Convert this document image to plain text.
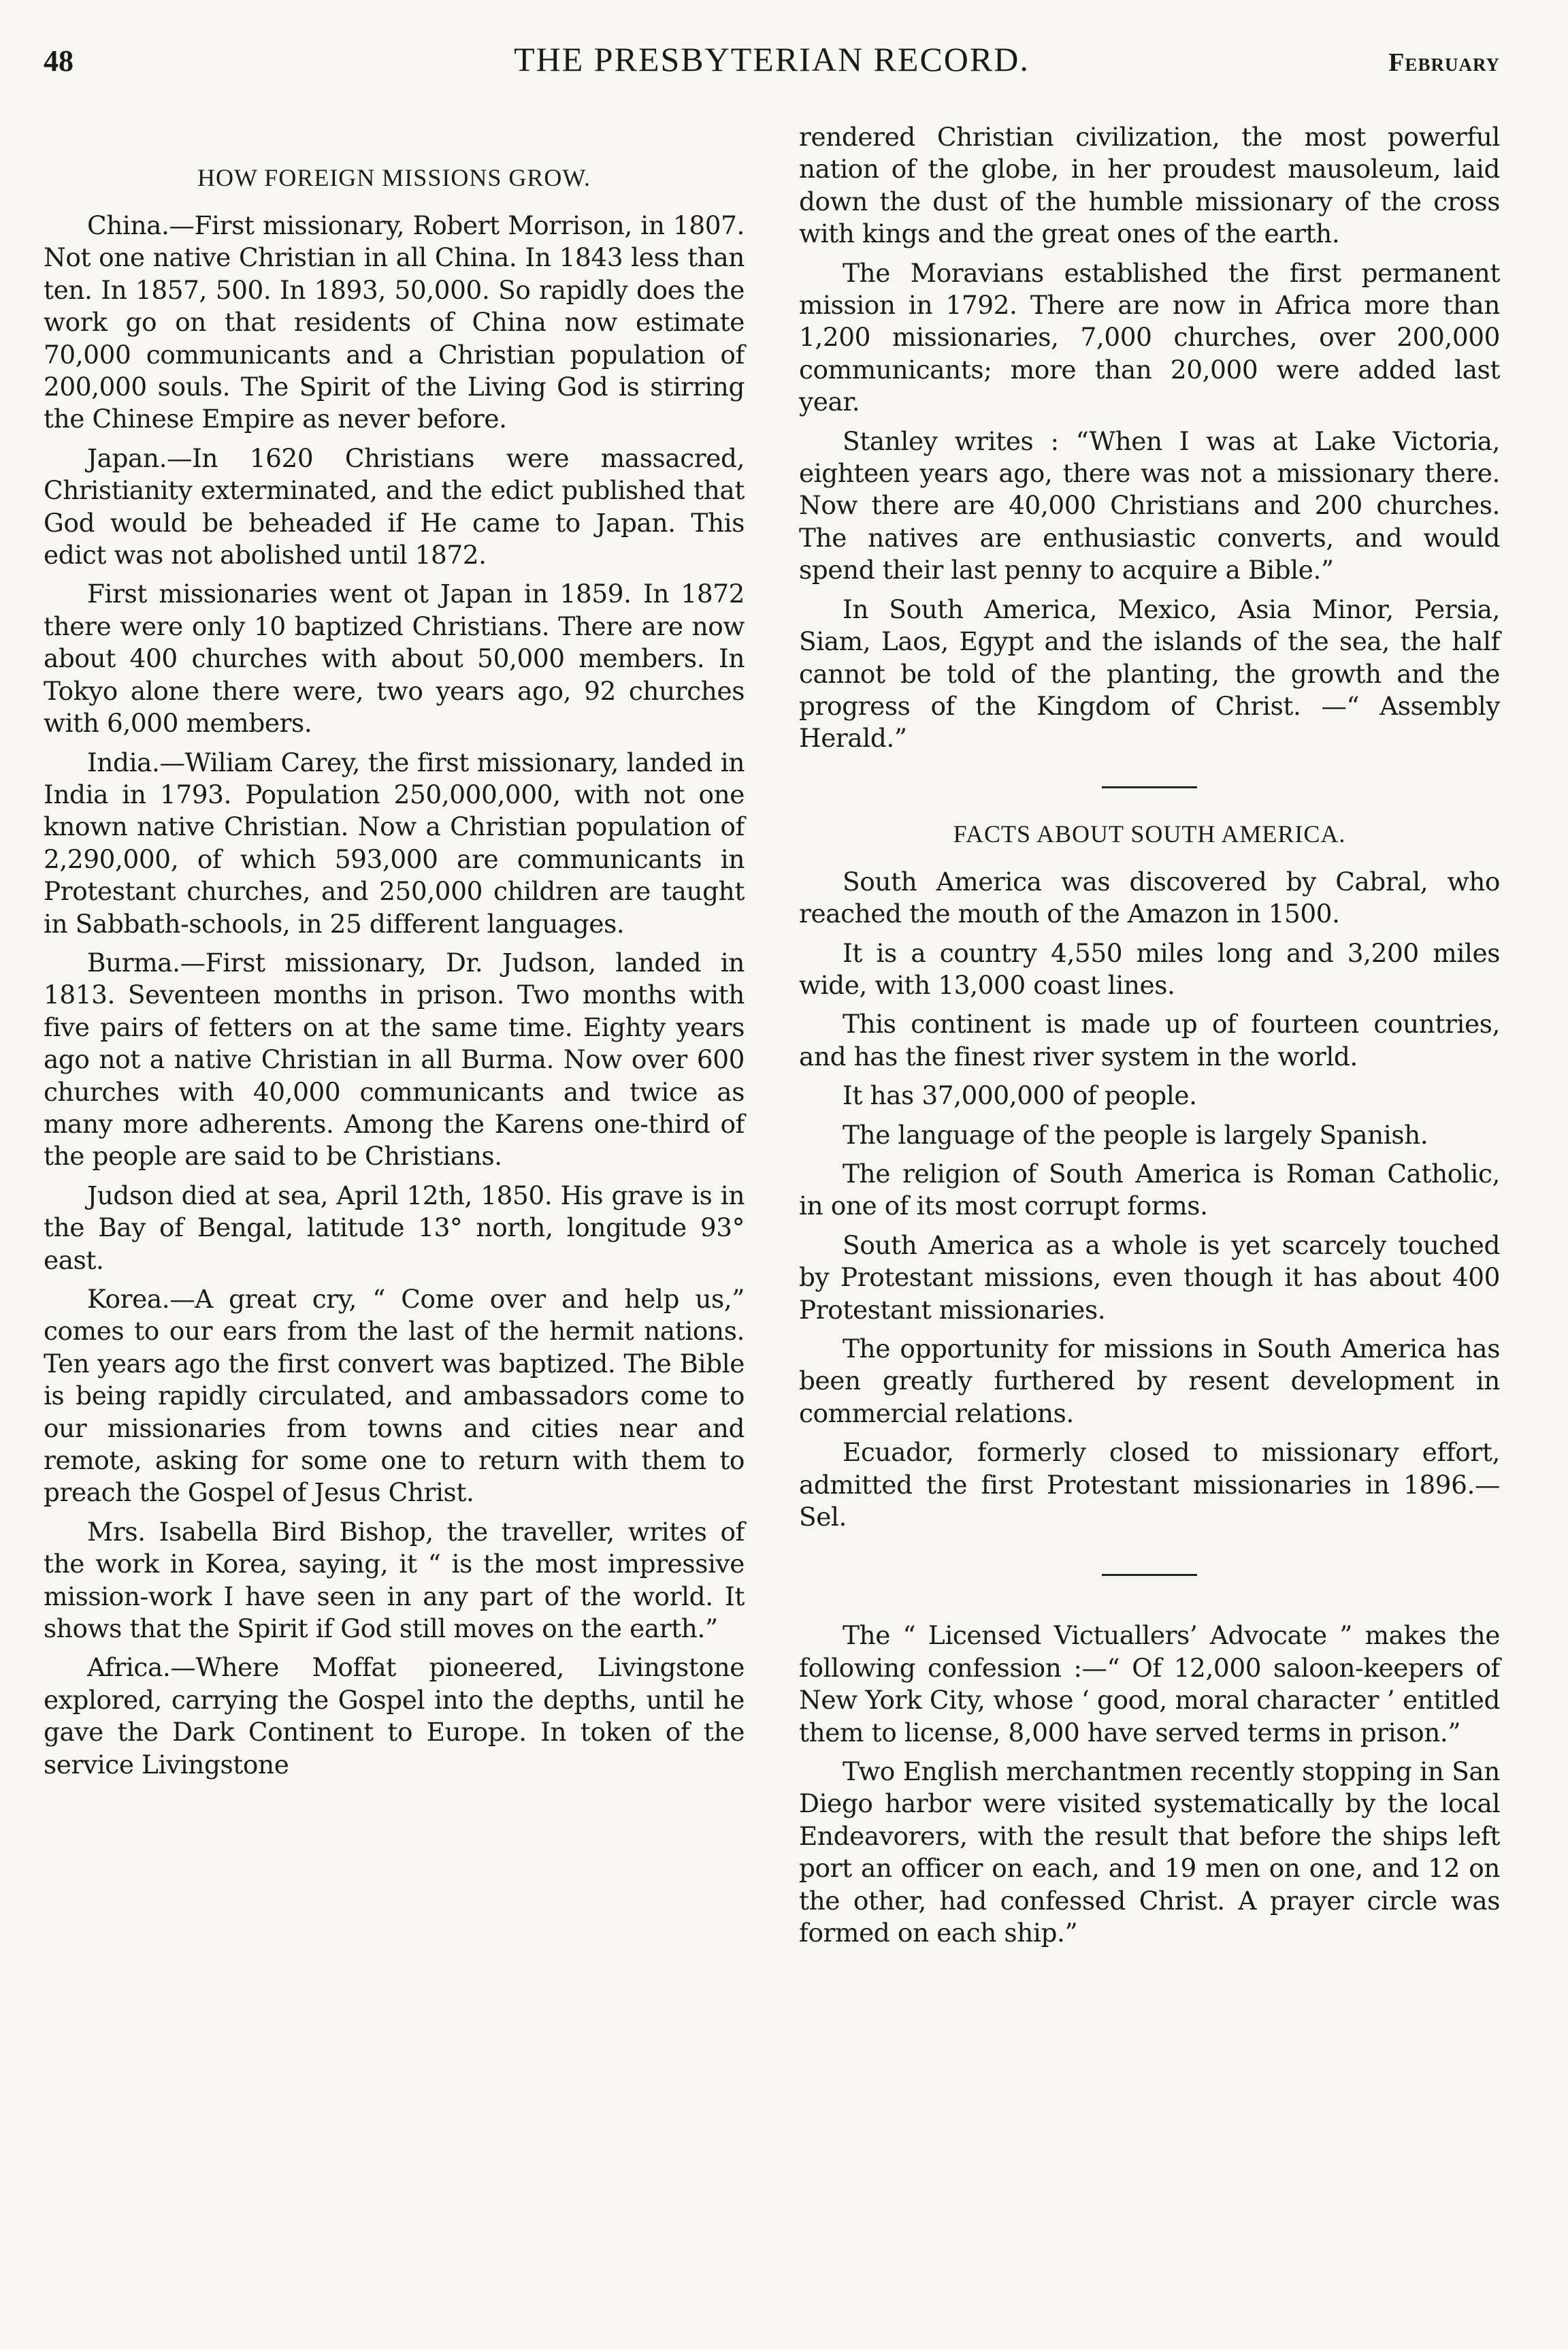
48	THE PRESBYTERIAN RECORD.	February
HOW FOREIGN MISSIONS GROW.

China.—First missionary, Robert Morrison, in 1807. Not one native Christian in all China. In 1843 less than ten. In 1857, 500. In 1893, 50,000. So rapidly does the work go on that residents of China now estimate 70,000 communicants and a Christian population of 200,000 souls. The Spirit of the Living God is stirring the Chinese Empire as never before.

Japan.—In 1620 Christians were massacred, Christianity exterminated, and the edict published that God would be beheaded if He came to Japan. This edict was not abolished until 1872.

First missionaries went ot Japan in 1859. In 1872 there were only 10 baptized Christians. There are now about 400 churches with about 50,000 members. In Tokyo alone there were, two years ago, 92 churches with 6,000 members.

India.—Wiliam Carey, the first missionary, landed in India in 1793. Population 250,000,000, with not one known native Christian. Now a Christian population of 2,290,000, of which 593,000 are communicants in Protestant churches, and 250,000 children are taught in Sabbath-schools, in 25 different languages.

Burma.—First missionary, Dr. Judson, landed in 1813. Seventeen months in prison. Two months with five pairs of fetters on at the same time. Eighty years ago not a native Christian in all Burma. Now over 600 churches with 40,000 communicants and twice as many more adherents. Among the Karens one-third of the people are said to be Christians.

Judson died at sea, April 12th, 1850. His grave is in the Bay of Bengal, latitude 13° north, longitude 93° east.

Korea.—A great cry, “ Come over and help us,” comes to our ears from the last of the hermit nations. Ten years ago the first convert was baptized. The Bible is being rapidly circulated, and ambassadors come to our missionaries from towns and cities near and remote, asking for some one to return with them to preach the Gospel of Jesus Christ.

Mrs. Isabella Bird Bishop, the traveller, writes of the work in Korea, saying, it “ is the most impressive mission-work I have seen in any part of the world. It shows that the Spirit if God still moves on the earth.”

Africa.—Where Moffat pioneered, Livingstone explored, carrying the Gospel into the depths, until he gave the Dark Continent to Europe. In token of the service Livingstone

rendered Christian civilization, the most powerful nation of the globe, in her proudest mausoleum, laid down the dust of the humble missionary of the cross with kings and the great ones of the earth.

The Moravians established the first permanent mission in 1792. There are now in Africa more than 1,200 missionaries, 7,000 churches, over 200,000 communicants; more than 20,000 were added last year.

Stanley writes : “When I was at Lake Victoria, eighteen years ago, there was not a missionary there. Now there are 40,000 Christians and 200 churches. The natives are enthusiastic converts, and would spend their last penny to acquire a Bible.”

In South America, Mexico, Asia Minor, Persia, Siam, Laos, Egypt and the islands of the sea, the half cannot be told of the planting, the growth and the progress of the Kingdom of Christ. —“ Assembly Herald.”

FACTS ABOUT SOUTH AMERICA.

South America was discovered by Cabral, who reached the mouth of the Amazon in 1500.

It is a country 4,550 miles long and 3,200 miles wide, with 13,000 coast lines.

This continent is made up of fourteen countries, and has the finest river system in the world.

It has 37,000,000 of people.

The language of the people is largely Spanish.

The religion of South America is Roman Catholic, in one of its most corrupt forms.

South America as a whole is yet scarcely touched by Protestant missions, even though it has about 400 Protestant missionaries.

The opportunity for missions in South America has been greatly furthered by resent development in commercial relations.

Ecuador, formerly closed to missionary effort, admitted the first Protestant missionaries in 1896.—Sel.

The “ Licensed Victuallers’ Advocate ” makes the following confession :—“ Of 12,000 saloon-keepers of New York City, whose ‘ good, moral character ’ entitled them to license, 8,000 have served terms in prison.”

Two English merchantmen recently stopping in San Diego harbor were visited systematically by the local Endeavorers, with the result that before the ships left port an officer on each, and 19 men on one, and 12 on the other, had confessed Christ. A prayer circle was formed on each ship.”
